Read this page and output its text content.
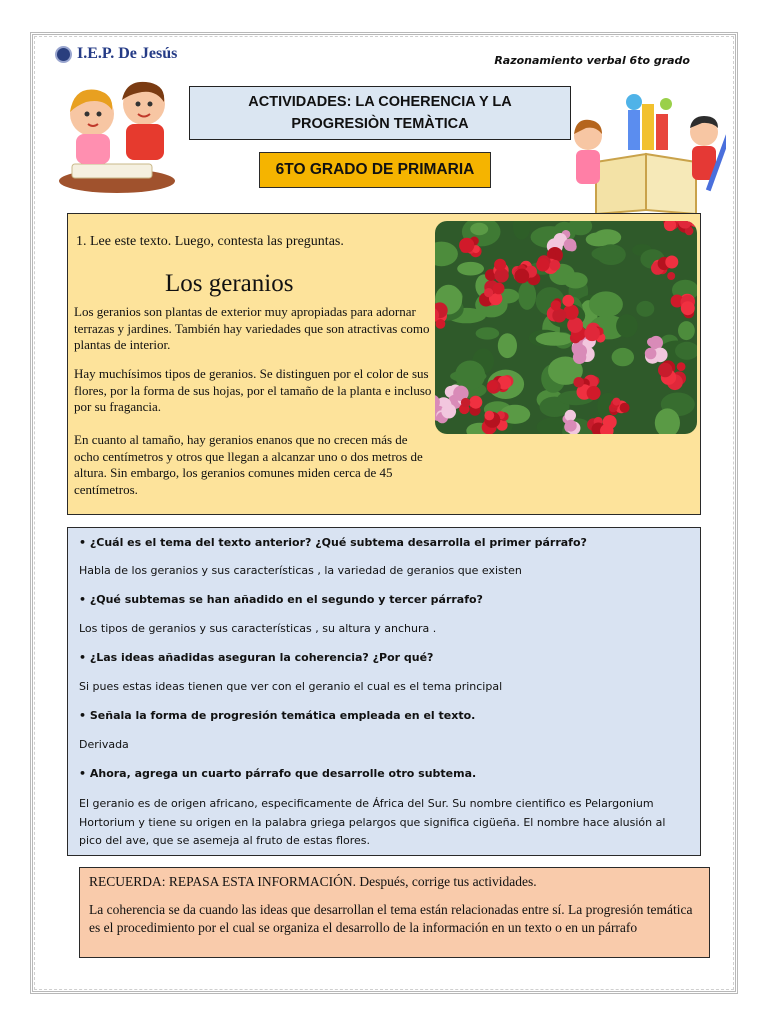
I.E.P. De Jesús	Razonamiento verbal 6to grado
ACTIVIDADES: LA COHERENCIA Y LA PROGRESIÒN TEMÀTICA
6TO GRADO DE PRIMARIA
1. Lee este texto. Luego, contesta las preguntas.
Los geranios

Los geranios son plantas de exterior muy apropiadas para adornar terrazas y jardines. También hay variedades que son atractivas como plantas de interior.

Hay muchísimos tipos de geranios. Se distinguen por el color de sus flores, por la forma de sus hojas, por el tamaño de la planta e incluso por su fragancia.

En cuanto al tamaño, hay geranios enanos que no crecen más de ocho centímetros y otros que llegan a alcanzar uno o dos metros de altura. Sin embargo, los geranios comunes miden cerca de 45 centímetros.

• ¿Cuál es el tema del texto anterior? ¿Qué subtema desarrolla el primer párrafo?

Habla de los geranios y sus características , la variedad de geranios que existen

• ¿Qué subtemas se han añadido en el segundo y tercer párrafo?

Los tipos de geranios y sus características , su altura y anchura .

• ¿Las ideas añadidas aseguran la coherencia? ¿Por qué?

Si pues estas ideas tienen que ver con el geranio el cual es el tema principal

• Señala la forma de progresión temática empleada en el texto.

Derivada

• Ahora, agrega un cuarto párrafo que desarrolle otro subtema.

El geranio es de origen africano, especificamente de África del Sur. Su nombre cientifico es Pelargonium Hortorium y tiene su origen en la palabra griega pelargos que significa cigüeña. El nombre hace alusión al pico del ave, que se asemeja al fruto de estas flores.

RECUERDA: REPASA ESTA INFORMACIÓN. Después, corrige tus actividades.

La coherencia se da cuando las ideas que desarrollan el tema están relacionadas entre sí. La progresión temática es el procedimiento por el cual se organiza el desarrollo de la información en un texto o en un párrafo
